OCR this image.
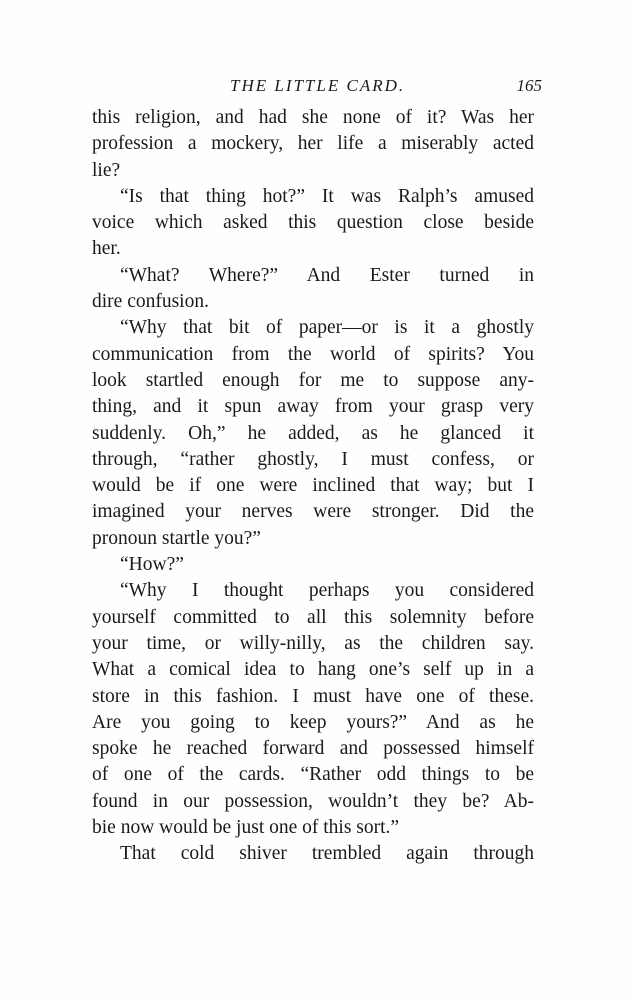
THE LITTLE CARD.	165
this religion, and had she none of it? Was her
profession a mockery, her life a miserably acted
lie?
“Is that thing hot?” It was Ralph’s amused
voice which asked this question close beside
her.
“What? Where?” And Ester turned in
dire confusion.
“Why that bit of paper—or is it a ghostly
communication from the world of spirits? You
look startled enough for me to suppose any-
thing, and it spun away from your grasp very
suddenly. Oh,” he added, as he glanced it
through, “rather ghostly, I must confess, or
would be if one were inclined that way; but I
imagined your nerves were stronger. Did the
pronoun startle you?”
“How?”
“Why I thought perhaps you considered
yourself committed to all this solemnity before
your time, or willy-nilly, as the children say.
What a comical idea to hang one’s self up in a
store in this fashion. I must have one of these.
Are you going to keep yours?” And as he
spoke he reached forward and possessed himself
of one of the cards. “Rather odd things to be
found in our possession, wouldn’t they be? Ab-
bie now would be just one of this sort.”
That cold shiver trembled again through
